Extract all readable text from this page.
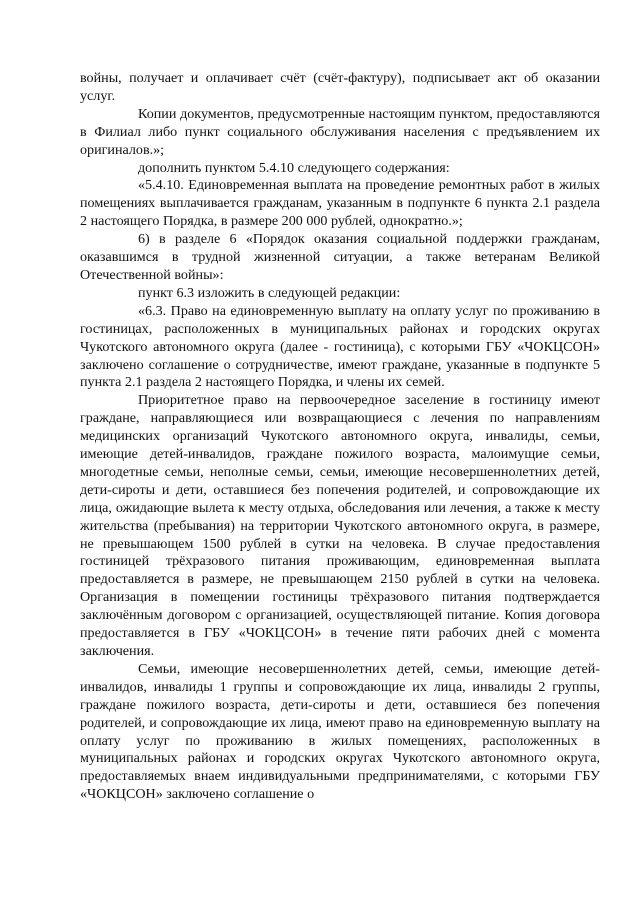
войны, получает и оплачивает счёт (счёт-фактуру), подписывает акт об оказании услуг.

Копии документов, предусмотренные настоящим пунктом, предоставляются в Филиал либо пункт социального обслуживания населения с предъявлением их оригиналов.»;

дополнить пунктом 5.4.10 следующего содержания:

«5.4.10. Единовременная выплата на проведение ремонтных работ в жилых помещениях выплачивается гражданам, указанным в подпункте 6 пункта 2.1 раздела 2 настоящего Порядка, в размере 200 000 рублей, однократно.»;

6) в разделе 6 «Порядок оказания социальной поддержки гражданам, оказавшимся в трудной жизненной ситуации, а также ветеранам Великой Отечественной войны»:

пункт 6.3 изложить в следующей редакции:

«6.3. Право на единовременную выплату на оплату услуг по проживанию в гостиницах, расположенных в муниципальных районах и городских округах Чукотского автономного округа (далее - гостиница), с которыми ГБУ «ЧОКЦСОН» заключено соглашение о сотрудничестве, имеют граждане, указанные в подпункте 5 пункта 2.1 раздела 2 настоящего Порядка, и члены их семей.

Приоритетное право на первоочередное заселение в гостиницу имеют граждане, направляющиеся или возвращающиеся с лечения по направлениям медицинских организаций Чукотского автономного округа, инвалиды, семьи, имеющие детей-инвалидов, граждане пожилого возраста, малоимущие семьи, многодетные семьи, неполные семьи, семьи, имеющие несовершеннолетних детей, дети-сироты и дети, оставшиеся без попечения родителей, и сопровождающие их лица, ожидающие вылета к месту отдыха, обследования или лечения, а также к месту жительства (пребывания) на территории Чукотского автономного округа, в размере, не превышающем 1500 рублей в сутки на человека. В случае предоставления гостиницей трёхразового питания проживающим, единовременная выплата предоставляется в размере, не превышающем 2150 рублей в сутки на человека. Организация в помещении гостиницы трёхразового питания подтверждается заключённым договором с организацией, осуществляющей питание. Копия договора предоставляется в ГБУ «ЧОКЦСОН» в течение пяти рабочих дней с момента заключения.

Семьи, имеющие несовершеннолетних детей, семьи, имеющие детей-инвалидов, инвалиды 1 группы и сопровождающие их лица, инвалиды 2 группы, граждане пожилого возраста, дети-сироты и дети, оставшиеся без попечения родителей, и сопровождающие их лица, имеют право на единовременную выплату на оплату услуг по проживанию в жилых помещениях, расположенных в муниципальных районах и городских округах Чукотского автономного округа, предоставляемых внаем индивидуальными предпринимателями, с которыми ГБУ «ЧОКЦСОН» заключено соглашение о
